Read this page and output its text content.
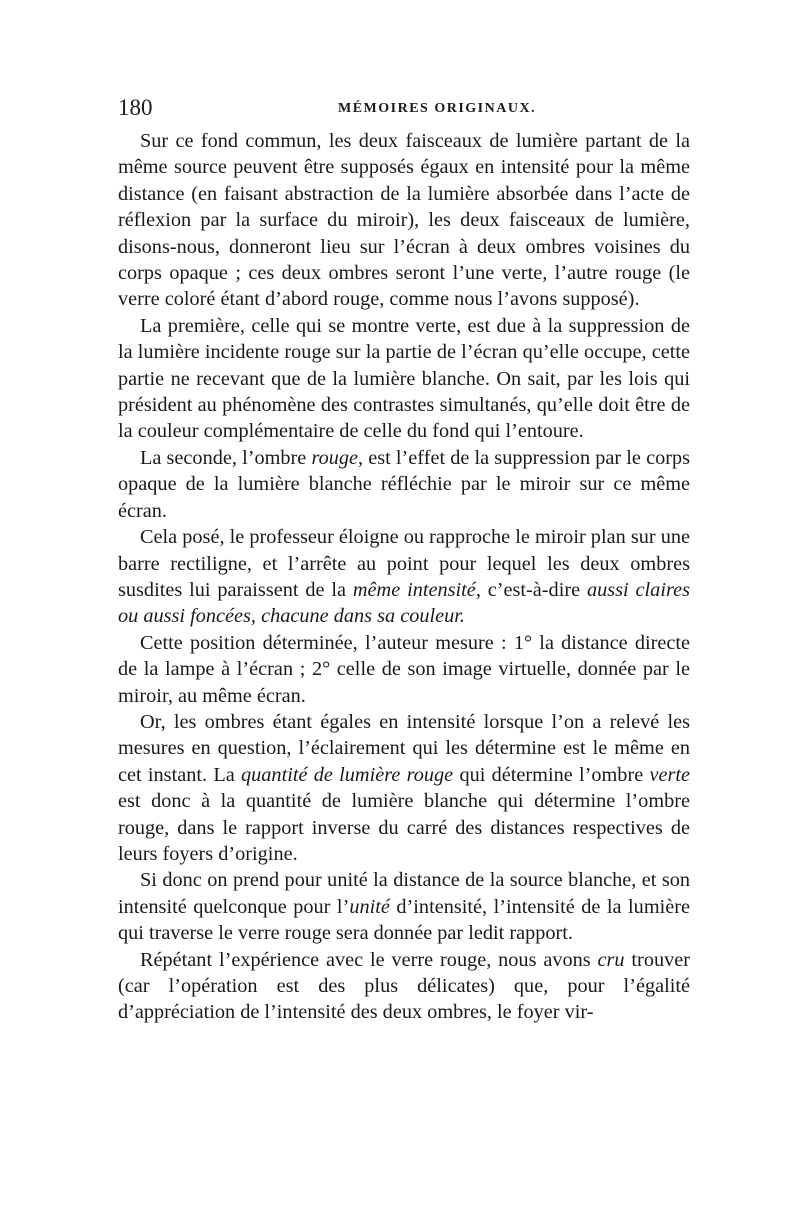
180	MÉMOIRES ORIGINAUX.

Sur ce fond commun, les deux faisceaux de lumière partant de la même source peuvent être supposés égaux en intensité pour la même distance (en faisant abstraction de la lumière absorbée dans l’acte de réflexion par la surface du miroir), les deux faisceaux de lumière, disons-nous, donneront lieu sur l’écran à deux ombres voisines du corps opaque ; ces deux ombres seront l’une verte, l’autre rouge (le verre coloré étant d’abord rouge, comme nous l’avons supposé).

La première, celle qui se montre verte, est due à la suppression de la lumière incidente rouge sur la partie de l’écran qu’elle occupe, cette partie ne recevant que de la lumière blanche. On sait, par les lois qui président au phénomène des contrastes simultanés, qu’elle doit être de la couleur complémentaire de celle du fond qui l’entoure.

La seconde, l’ombre rouge, est l’effet de la suppression par le corps opaque de la lumière blanche réfléchie par le miroir sur ce même écran.

Cela posé, le professeur éloigne ou rapproche le miroir plan sur une barre rectiligne, et l’arrête au point pour lequel les deux ombres susdites lui paraissent de la même intensité, c’est-à-dire aussi claires ou aussi foncées, chacune dans sa couleur.

Cette position déterminée, l’auteur mesure : 1° la distance directe de la lampe à l’écran ; 2° celle de son image virtuelle, donnée par le miroir, au même écran.

Or, les ombres étant égales en intensité lorsque l’on a relevé les mesures en question, l’éclairement qui les détermine est le même en cet instant. La quantité de lumière rouge qui détermine l’ombre verte est donc à la quantité de lumière blanche qui détermine l’ombre rouge, dans le rapport inverse du carré des distances respectives de leurs foyers d’origine.

Si donc on prend pour unité la distance de la source blanche, et son intensité quelconque pour l’unité d’intensité, l’intensité de la lumière qui traverse le verre rouge sera donnée par ledit rapport.

Répétant l’expérience avec le verre rouge, nous avons cru trouver (car l’opération est des plus délicates) que, pour l’égalité d’appréciation de l’intensité des deux ombres, le foyer vir-
